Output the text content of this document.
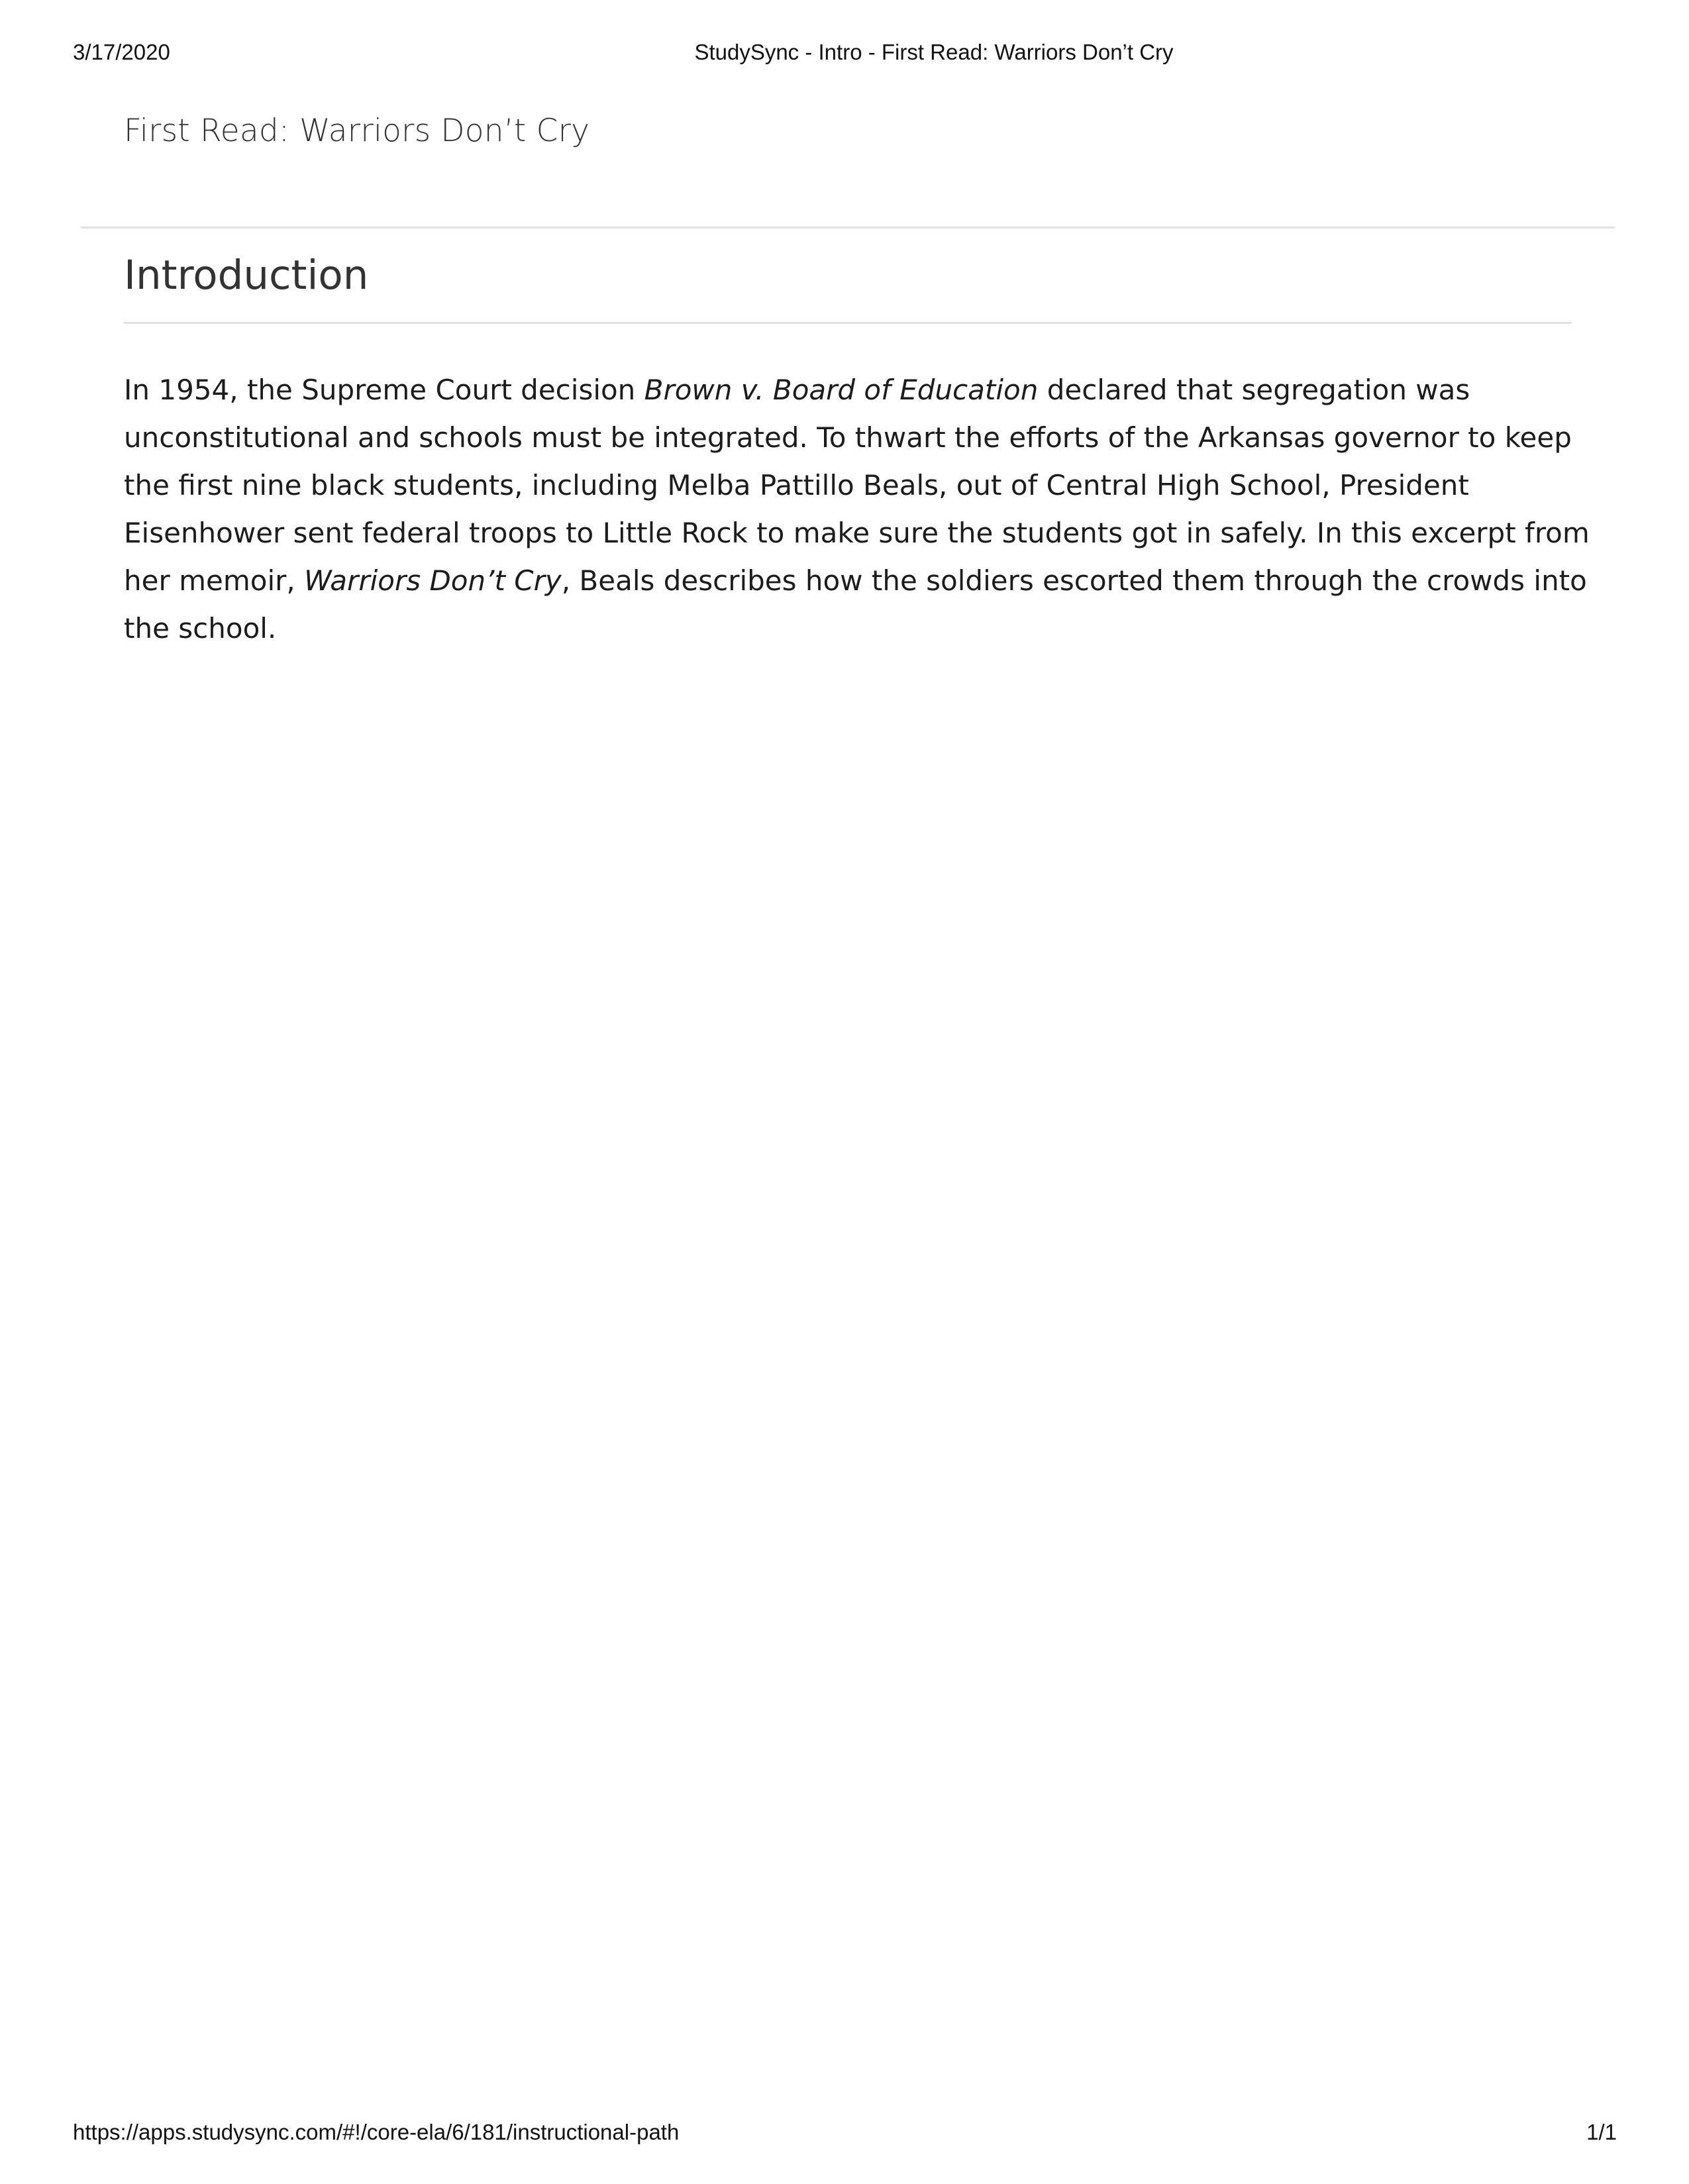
3/17/2020	StudySync - Intro - First Read: Warriors Don’t Cry
First Read: Warriors Don’t Cry
Introduction

In 1954, the Supreme Court decision Brown v. Board of Education declared that segregation was unconstitutional and schools must be integrated. To thwart the efforts of the Arkansas governor to keep the first nine black students, including Melba Pattillo Beals, out of Central High School, President Eisenhower sent federal troops to Little Rock to make sure the students got in safely. In this excerpt from her memoir, Warriors Don’t Cry, Beals describes how the soldiers escorted them through the crowds into the school.

https://apps.studysync.com/#!/core-ela/6/181/instructional-path	1/1
